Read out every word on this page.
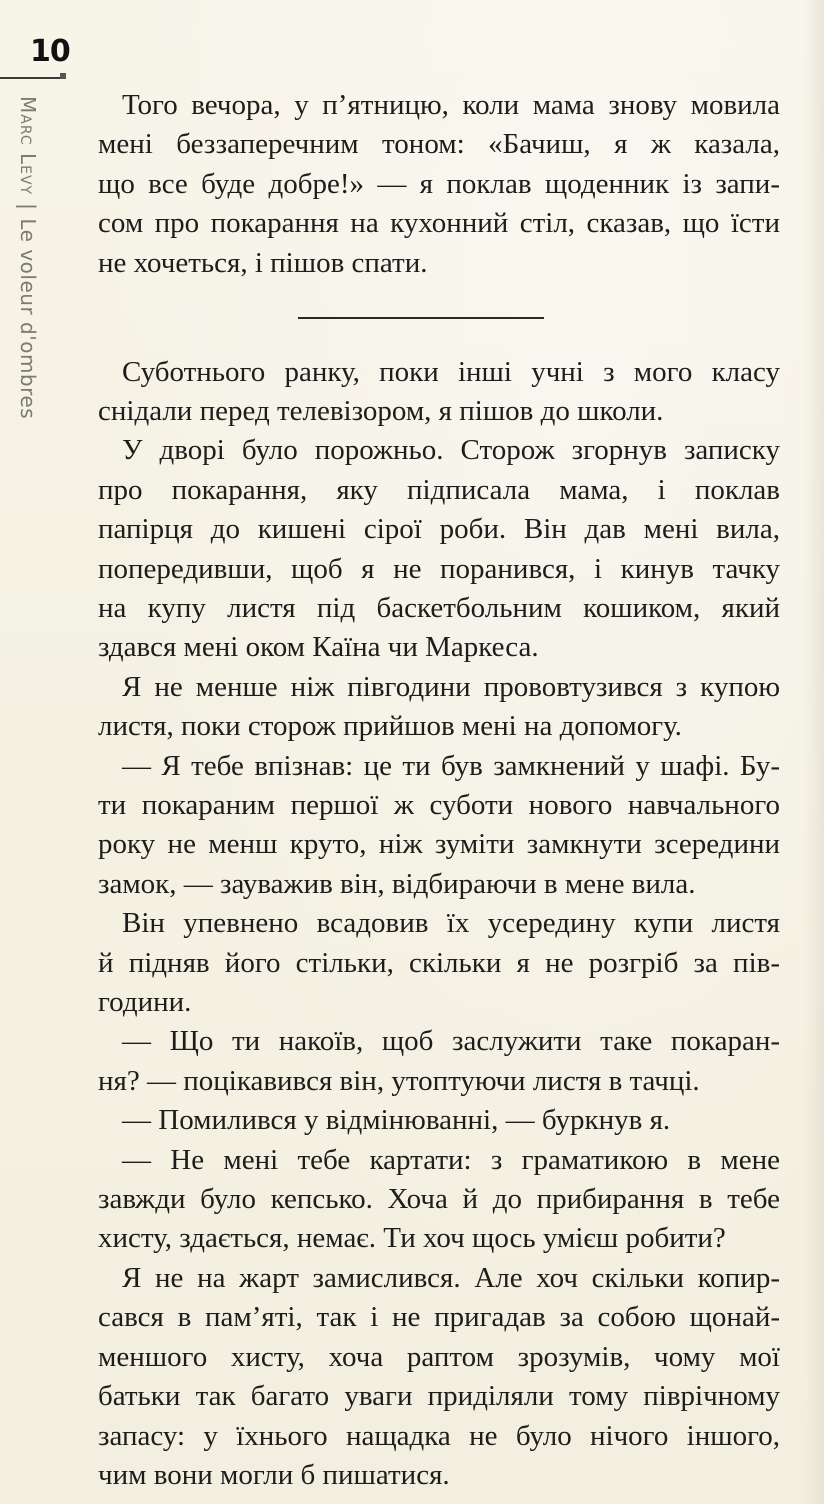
10
Marc Levy|Le voleur d'ombres
Того вечора, у п’ятницю, коли мама знову мовила
мені беззаперечним тоном: «Бачиш, я ж казала,
що все буде добре!» — я поклав щоденник із запи-
сом про покарання на кухонний стіл, сказав, що їсти
не хочеться, і пішов спати.
Суботнього ранку, поки інші учні з мого класу
снідали перед телевізором, я пішов до школи.
У дворі було порожньо. Сторож згорнув записку
про покарання, яку підписала мама, і поклав
папірця до кишені сірої роби. Він дав мені вила,
попередивши, щоб я не поранився, і кинув тачку
на купу листя під баскетбольним кошиком, який
здався мені оком Каїна чи Маркеса.
Я не менше ніж півгодини прововтузився з купою
листя, поки сторож прийшов мені на допомогу.
— Я тебе впізнав: це ти був замкнений у шафі. Бу-
ти покараним першої ж суботи нового навчального
року не менш круто, ніж зуміти замкнути зсередини
замок, — зауважив він, відбираючи в мене вила.
Він упевнено всадовив їх усередину купи листя
й підняв його стільки, скільки я не розгріб за пів-
години.
— Що ти накоїв, щоб заслужити таке покаран-
ня? — поцікавився він, утоптуючи листя в тачці.
— Помилився у відмінюванні, — буркнув я.
— Не мені тебе картати: з граматикою в мене
завжди було кепсько. Хоча й до прибирання в тебе
хисту, здається, немає. Ти хоч щось умієш робити?
Я не на жарт замислився. Але хоч скільки копир-
сався в пам’яті, так і не пригадав за собою щонай-
меншого хисту, хоча раптом зрозумів, чому мої
батьки так багато уваги приділяли тому піврічному
запасу: у їхнього нащадка не було нічого іншого,
чим вони могли б пишатися.
